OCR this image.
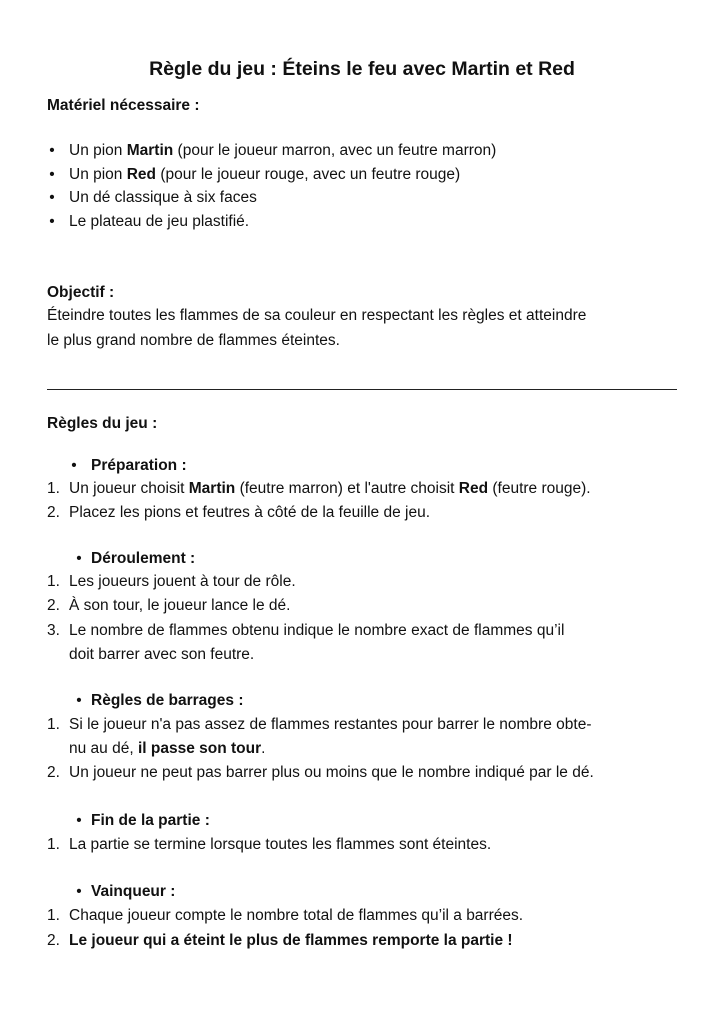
Règle du jeu : Éteins le feu avec Martin et Red
Matériel nécessaire :
• Un pion Martin (pour le joueur marron, avec un feutre marron)
• Un pion Red (pour le joueur rouge, avec un feutre rouge)
• Un dé classique à six faces
• Le plateau de jeu plastifié.
Objectif :
Éteindre toutes les flammes de sa couleur en respectant les règles et atteindre
le plus grand nombre de flammes éteintes.
Règles du jeu :
• Préparation :
1. Un joueur choisit Martin (feutre marron) et l'autre choisit Red (feutre rouge).
2. Placez les pions et feutres à côté de la feuille de jeu.
• Déroulement :
1. Les joueurs jouent à tour de rôle.
2. À son tour, le joueur lance le dé.
3. Le nombre de flammes obtenu indique le nombre exact de flammes qu’il
doit barrer avec son feutre.
• Règles de barrages :
1. Si le joueur n'a pas assez de flammes restantes pour barrer le nombre obte-
nu au dé, il passe son tour.
2. Un joueur ne peut pas barrer plus ou moins que le nombre indiqué par le dé.
• Fin de la partie :
1. La partie se termine lorsque toutes les flammes sont éteintes.
• Vainqueur :
1. Chaque joueur compte le nombre total de flammes qu’il a barrées.
2. Le joueur qui a éteint le plus de flammes remporte la partie !
